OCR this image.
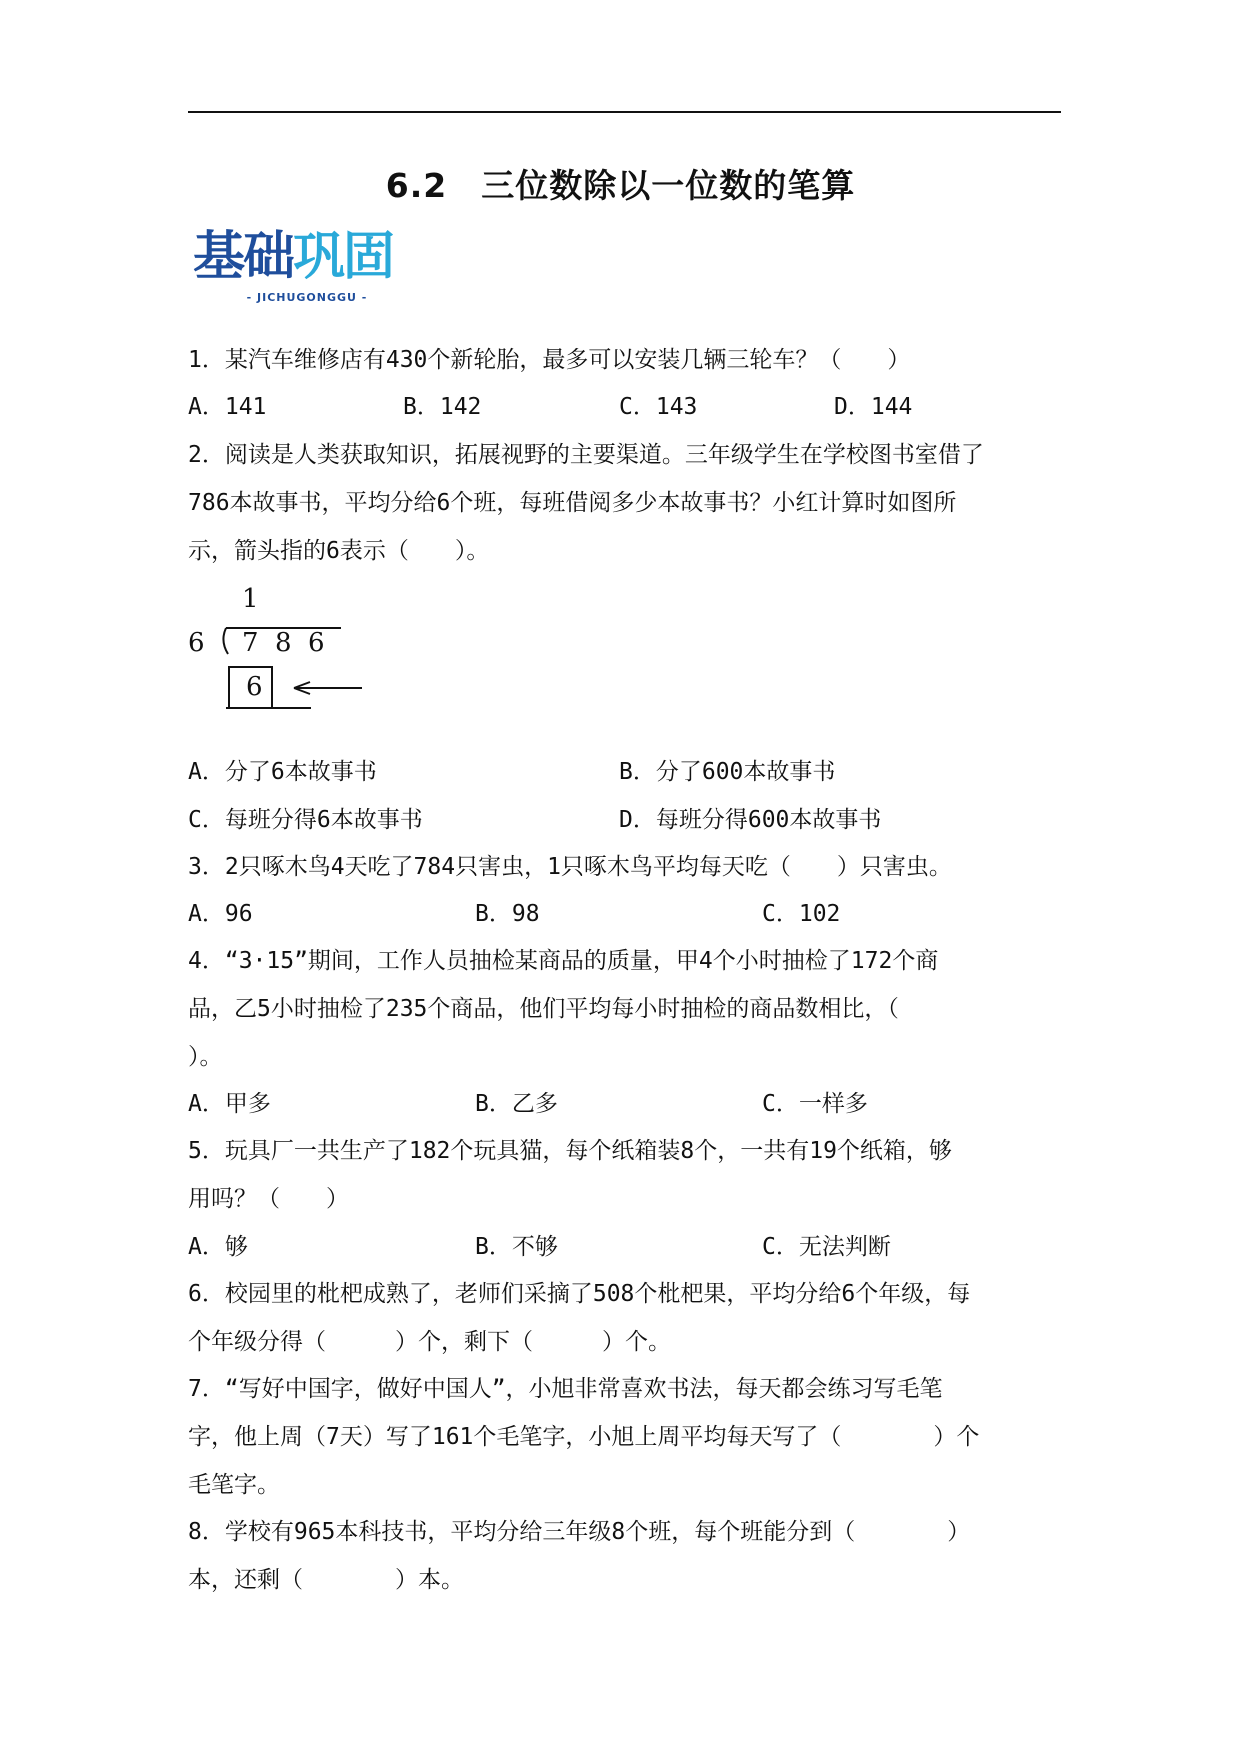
6.2　三位数除以一位数的笔算
基础巩固
- JICHUGONGGU -
1．某汽车维修店有430个新轮胎，最多可以安装几辆三轮车？（　　）
A．141	B．142	C．143	D．144
2．阅读是人类获取知识，拓展视野的主要渠道。三年级学生在学校图书室借了
786本故事书，平均分给6个班，每班借阅多少本故事书？小红计算时如图所
示，箭头指的6表示（　　）。
1
6 7 8 6
6
A．分了6本故事书	B．分了600本故事书
C．每班分得6本故事书	D．每班分得600本故事书
3．2只啄木鸟4天吃了784只害虫，1只啄木鸟平均每天吃（　　）只害虫。
A．96	B．98	C．102
4．“3·15”期间，工作人员抽检某商品的质量，甲4个小时抽检了172个商
品，乙5小时抽检了235个商品，他们平均每小时抽检的商品数相比，（
）。
A．甲多	B．乙多	C．一样多
5．玩具厂一共生产了182个玩具猫，每个纸箱装8个，一共有19个纸箱，够
用吗？（　　）
A．够	B．不够	C．无法判断
6．校园里的枇杷成熟了，老师们采摘了508个枇杷果，平均分给6个年级，每
个年级分得（　　　）个，剩下（　　　）个。
7．“写好中国字，做好中国人”，小旭非常喜欢书法，每天都会练习写毛笔
字，他上周（7天）写了161个毛笔字，小旭上周平均每天写了（　　　　）个
毛笔字。
8．学校有965本科技书，平均分给三年级8个班，每个班能分到（　　　　）
本，还剩（　　　　）本。
